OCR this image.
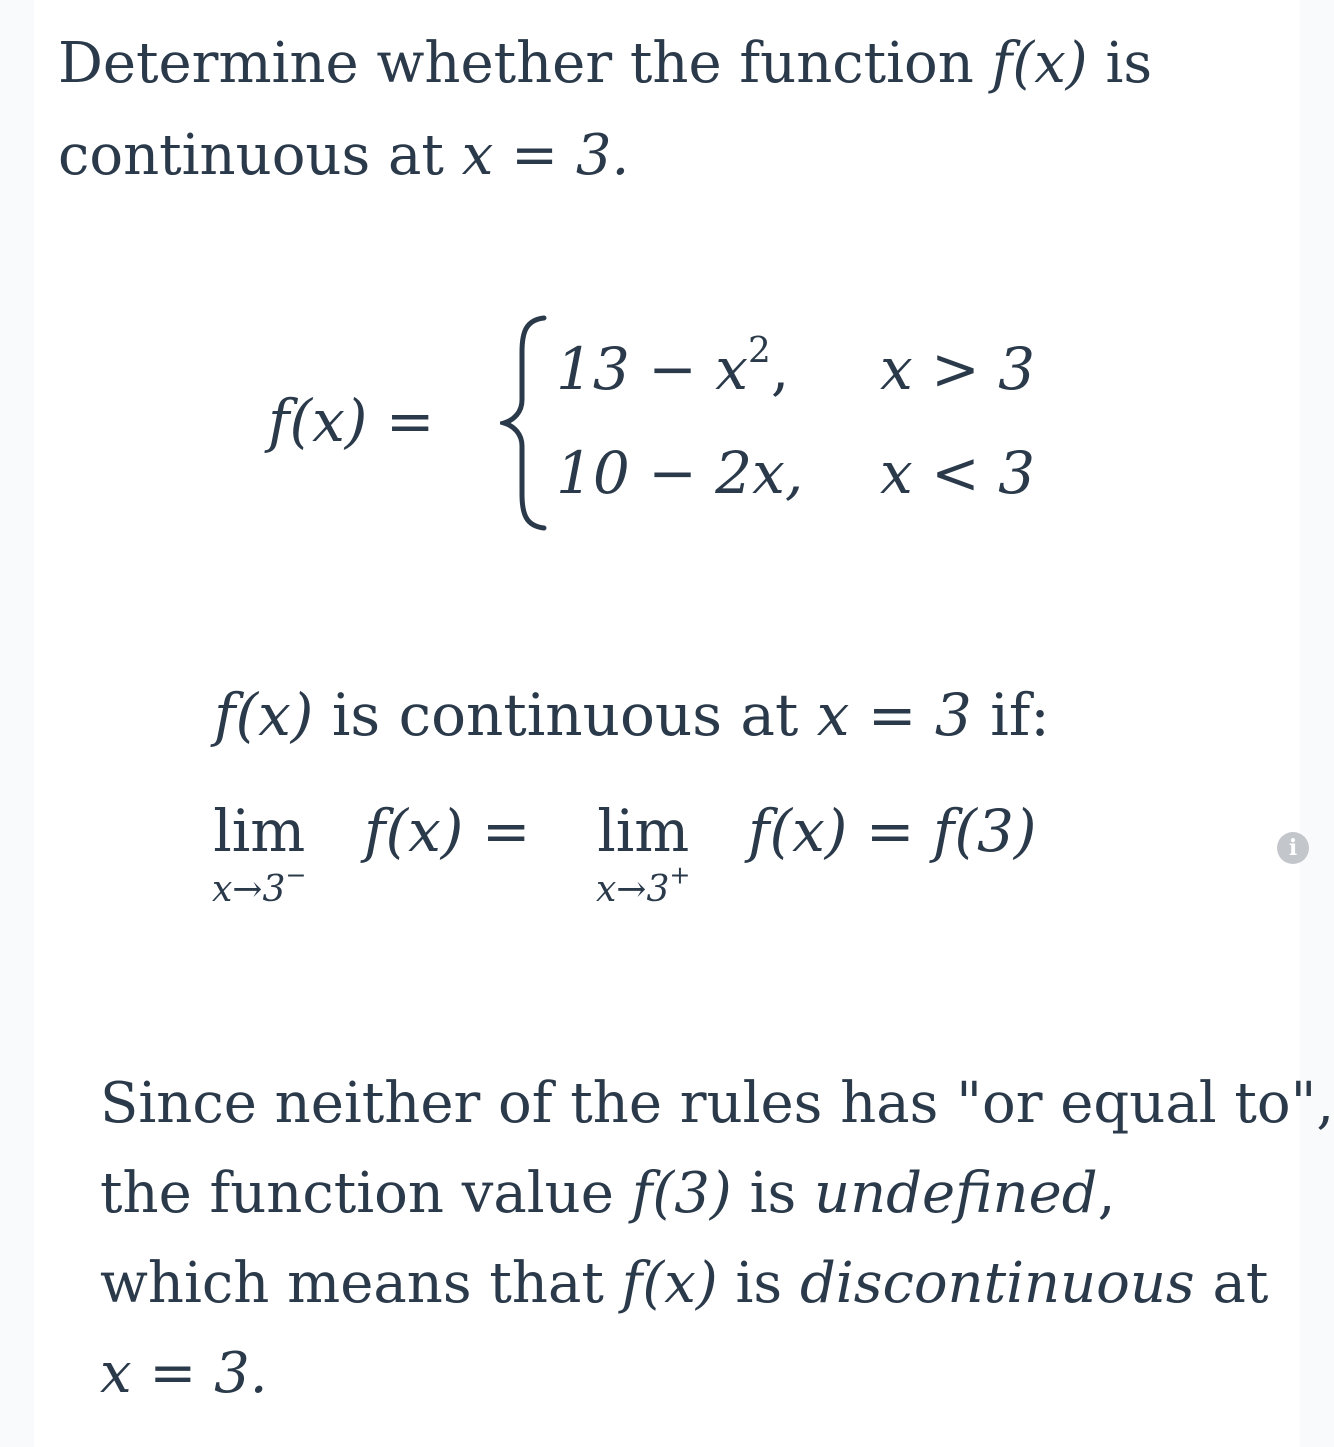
Determine whether the function f(x) is
continuous at x = 3.
f(x) =
$13 - x^2$, x > 3
10 − 2x, x < 3
f(x) is continuous at x = 3 if:
lim
x→3−
f(x) = lim
x→3+
f(x) = f(3)	i
Since neither of the rules has "or equal to",
the function value f(3) is undefined,
which means that f(x) is discontinuous at
x = 3.
